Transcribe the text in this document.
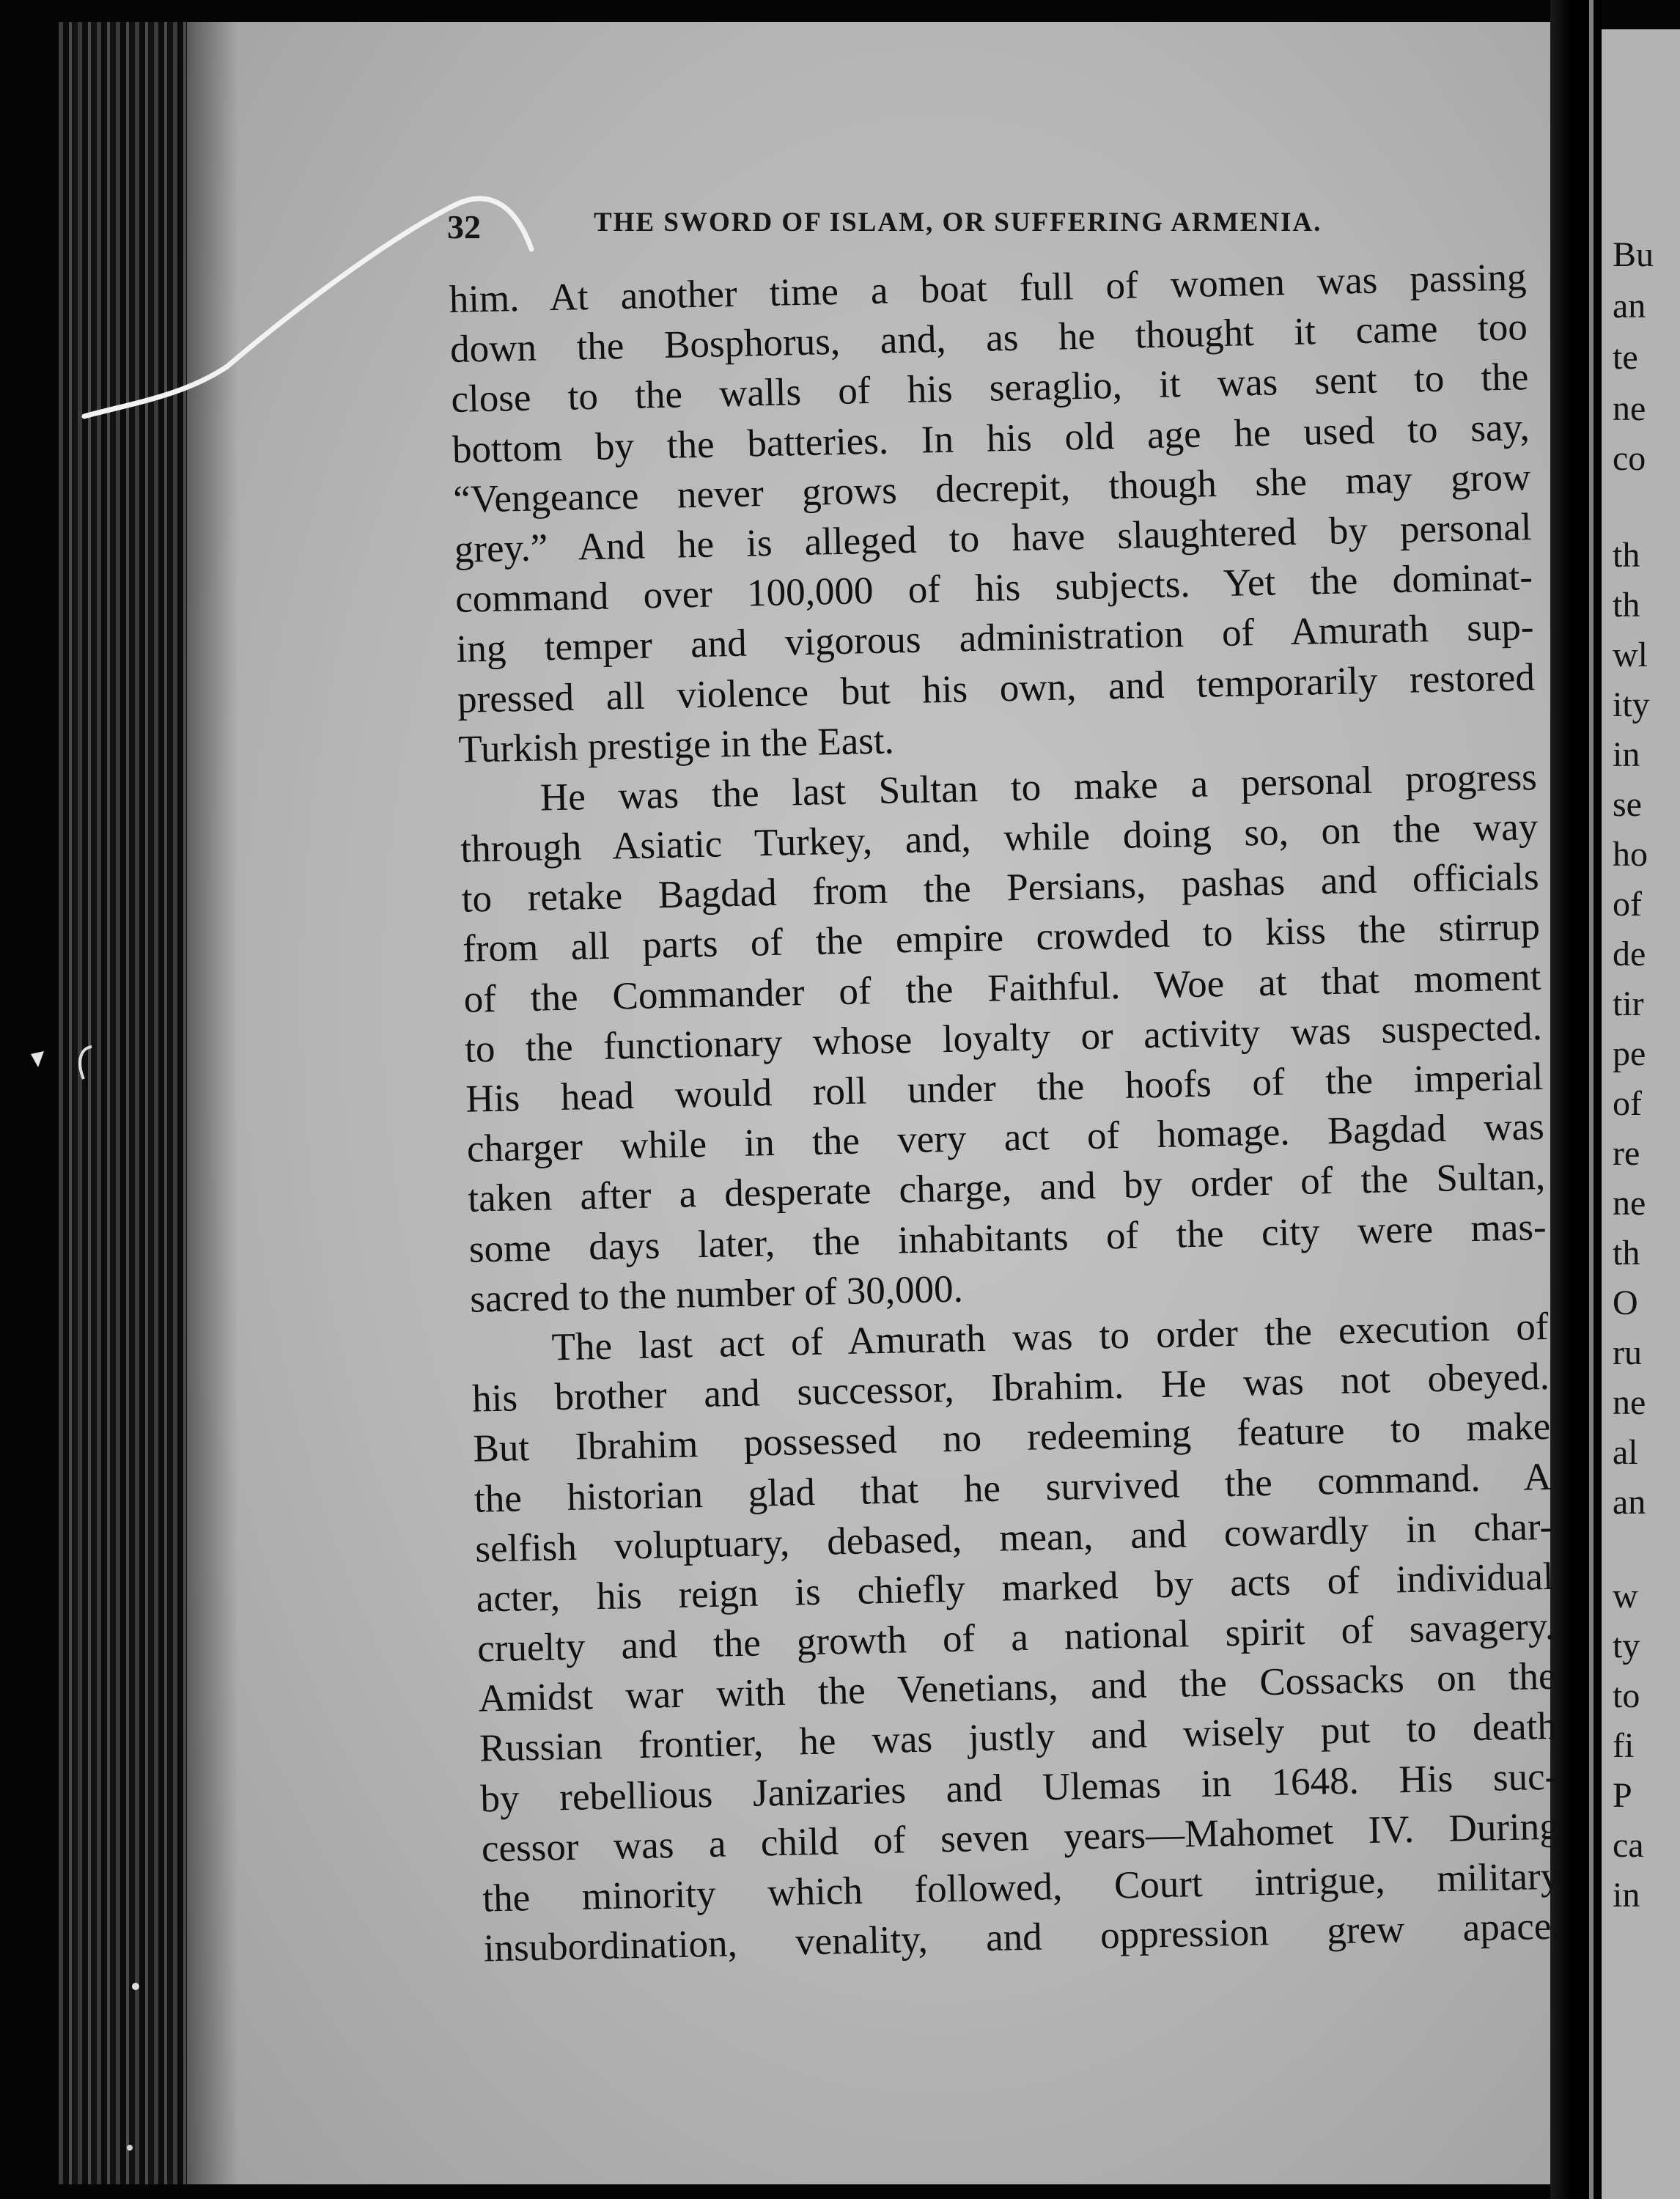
32	THE SWORD OF ISLAM, OR SUFFERING ARMENIA.
him. At another time a boat full of women was passing
down the Bosphorus, and, as he thought it came too
close to the walls of his seraglio, it was sent to the
bottom by the batteries. In his old age he used to say,
“Vengeance never grows decrepit, though she may grow
grey.” And he is alleged to have slaughtered by personal
command over 100,000 of his subjects. Yet the dominat-
ing temper and vigorous administration of Amurath sup-
pressed all violence but his own, and temporarily restored
Turkish prestige in the East.
He was the last Sultan to make a personal progress
through Asiatic Turkey, and, while doing so, on the way
to retake Bagdad from the Persians, pashas and officials
from all parts of the empire crowded to kiss the stirrup
of the Commander of the Faithful. Woe at that moment
to the functionary whose loyalty or activity was suspected.
His head would roll under the hoofs of the imperial
charger while in the very act of homage. Bagdad was
taken after a desperate charge, and by order of the Sultan,
some days later, the inhabitants of the city were mas-
sacred to the number of 30,000.
The last act of Amurath was to order the execution of
his brother and successor, Ibrahim. He was not obeyed.
But Ibrahim possessed no redeeming feature to make
the historian glad that he survived the command. A
selfish voluptuary, debased, mean, and cowardly in char-
acter, his reign is chiefly marked by acts of individual
cruelty and the growth of a national spirit of savagery.
Amidst war with the Venetians, and the Cossacks on the
Russian frontier, he was justly and wisely put to death
by rebellious Janizaries and Ulemas in 1648. His suc-
cessor was a child of seven years—Mahomet IV. During
the minority which followed, Court intrigue, military
insubordination, venality, and oppression grew apace.
Bu
an
te
ne
co
th
th
wl
ity
in
se
ho
of
de
tir
pe
of
re
ne
th
O
ru
ne
al
an
w
ty
to
fi
P
ca
in
